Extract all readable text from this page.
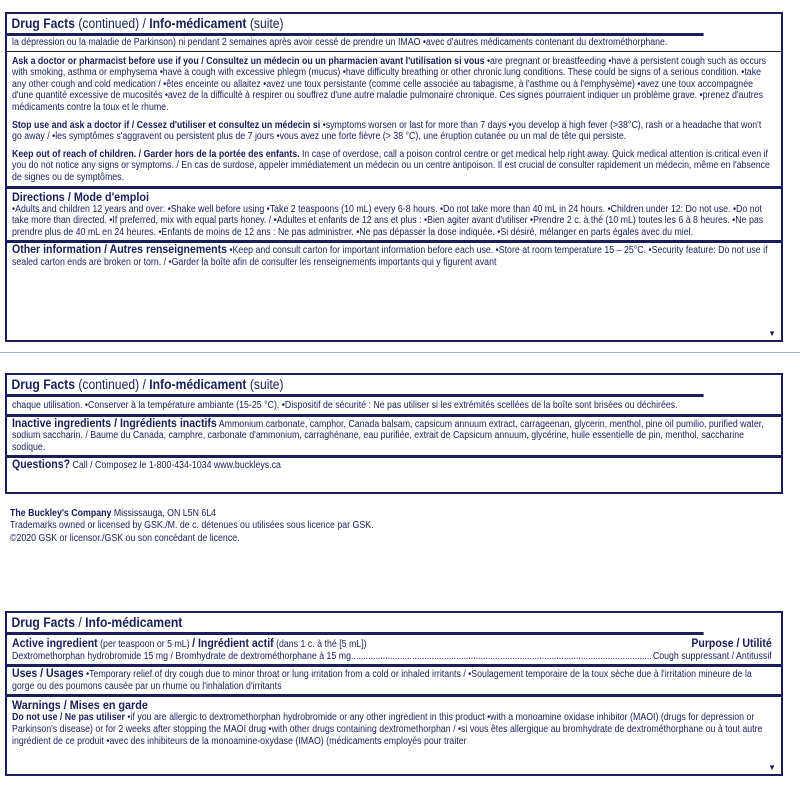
Drug Facts (continued) / Info-médicament (suite)
la dépression ou la maladie de Parkinson) ni pendant 2 semaines après avoir cessé de prendre un IMAO •avec d'autres médicaments contenant du dextrométhorphane.
Ask a doctor or pharmacist before use if you / Consultez un médecin ou un pharmacien avant l'utilisation si vous •are pregnant or breastfeeding •have a persistent cough such as occurs with smoking, asthma or emphysema •have a cough with excessive phlegm (mucus) •have difficulty breathing or other chronic lung conditions. These could be signs of a serious condition. •take any other cough and cold medication / •êtes enceinte ou allaitez •avez une toux persistante (comme celle associée au tabagisme, à l'asthme ou à l'emphysème) •avez une toux accompagnée d'une quantité excessive de mucosités •avez de la difficulté à respirer ou souffrez d'une autre maladie pulmonaire chronique. Ces signes pourraient indiquer un problème grave. •prenez d'autres médicaments contre la toux et le rhume.
Stop use and ask a doctor if / Cessez d'utiliser et consultez un médecin si •symptoms worsen or last for more than 7 days •you develop a high fever (>38°C), rash or a headache that won't go away / •les symptômes s'aggravent ou persistent plus de 7 jours •vous avez une forte fièvre (> 38 °C), une éruption cutanée ou un mal de tête qui persiste.
Keep out of reach of children. / Garder hors de la portée des enfants. In case of overdose, call a poison control centre or get medical help right away. Quick medical attention is critical even if you do not notice any signs or symptoms. / En cas de surdose, appeler immédiatement un médecin ou un centre antipoison. Il est crucial de consulter rapidement un médecin, même en l'absence de signes ou de symptômes.
Directions / Mode d'emploi
•Adults and children 12 years and over: •Shake well before using •Take 2 teaspoons (10 mL) every 6-8 hours. •Do not take more than 40 mL in 24 hours. •Children under 12: Do not use. •Do not take more than directed. •If preferred, mix with equal parts honey. / •Adultes et enfants de 12 ans et plus : •Bien agiter avant d'utiliser •Prendre 2 c. à thé (10 mL) toutes les 6 à 8 heures. •Ne pas prendre plus de 40 mL en 24 heures. •Enfants de moins de 12 ans : Ne pas administrer. •Ne pas dépasser la dose indiquée. •Si désiré, mélanger en parts égales avec du miel.
Other information / Autres renseignements •Keep and consult carton for important information before each use. •Store at room temperature 15 – 25°C. •Security feature: Do not use if sealed carton ends are broken or torn. / •Garder la boîte afin de consulter les renseignements importants qui y figurent avant
▼
Drug Facts (continued) / Info-médicament (suite)
chaque utilisation. •Conserver à la température ambiante (15-25 °C). •Dispositif de sécurité : Ne pas utiliser si les extrémités scellées de la boîte sont brisées ou déchirées.
Inactive ingredients / Ingrédients inactifs Ammonium carbonate, camphor, Canada balsam, capsicum annuum extract, carrageenan, glycerin, menthol, pine oil pumilio, purified water, sodium saccharin. / Baume du Canada, camphre, carbonate d'ammonium, carraghénane, eau purifiée, extrait de Capsicum annuum, glycérine, huile essentielle de pin, menthol, saccharine sodique.
Questions? Call / Composez le 1-800-434-1034 www.buckleys.ca
The Buckley's Company Mississauga, ON L5N 6L4
Trademarks owned or licensed by GSK./M. de c. détenues ou utilisées sous licence par GSK.
©2020 GSK or licensor./GSK ou son concédant de licence.
Drug Facts / Info-médicament
Purpose / Utilité
Active ingredient (per teaspoon or 5 mL) / Ingrédient actif (dans 1 c. à thé [5 mL])
Dextromethorphan hydrobromide 15 mg / Bromhydrate de dextrométhorphane à 15 mg
.....	Cough suppressant / Antitussif
Uses / Usages •Temporary relief of dry cough due to minor throat or lung irritation from a cold or inhaled irritants / •Soulagement temporaire de la toux sèche due à l'irritation mineure de la gorge ou des poumons causée par un rhume ou l'inhalation d'irritants
Warnings / Mises en garde
Do not use / Ne pas utiliser •if you are allergic to dextromethorphan hydrobromide or any other ingredient in this product •with a monoamine oxidase inhibitor (MAOI) (drugs for depression or Parkinson's disease) or for 2 weeks after stopping the MAOI drug •with other drugs containing dextromethorphan / •si vous êtes allergique au bromhydrate de dextrométhorphane ou à tout autre ingrédient de ce produit •avec des inhibiteurs de la monoamine-oxydase (IMAO) (médicaments employés pour traiter
▼
